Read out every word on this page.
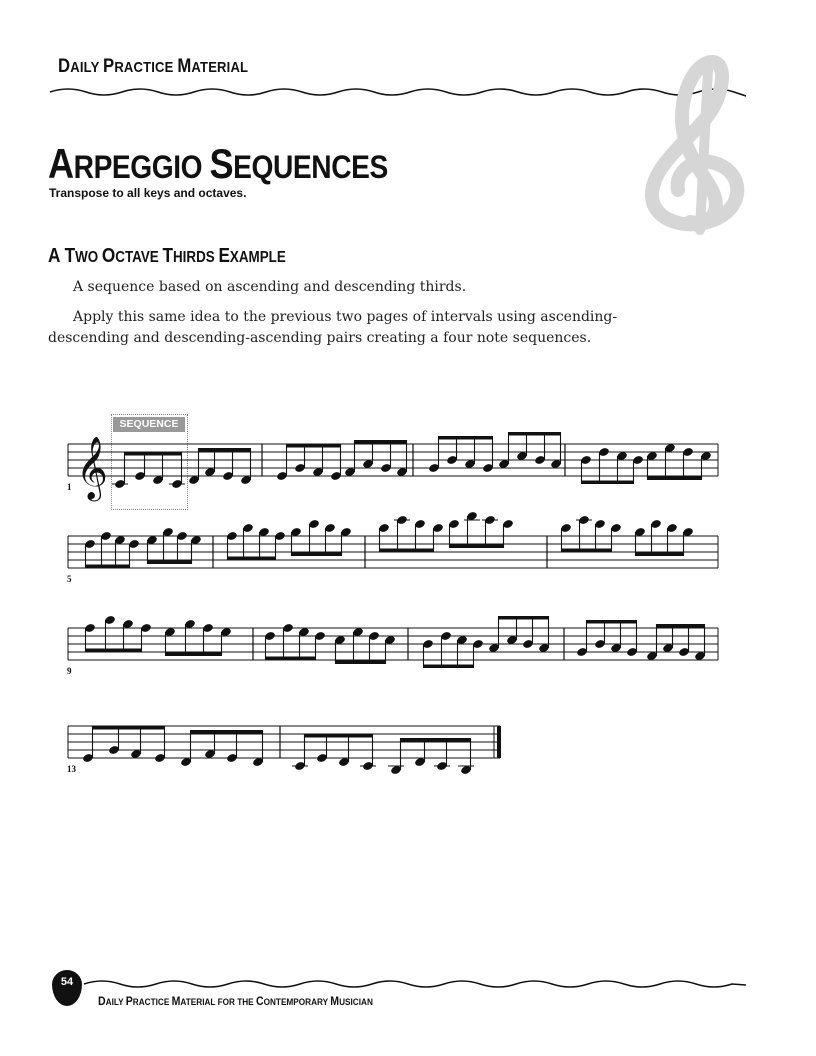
DAILY PRACTICE MATERIAL
ARPEGGIO SEQUENCES
Transpose to all keys and octaves.
A TWO OCTAVE THIRDS EXAMPLE
A sequence based on ascending and descending thirds.
Apply this same idea to the previous two pages of intervals using ascending-descending and descending-ascending pairs creating a four note sequences.
SEQUENCE
𝄞
1
5
9
13
54
DAILY PRACTICE MATERIAL FOR THE CONTEMPORARY MUSICIAN
